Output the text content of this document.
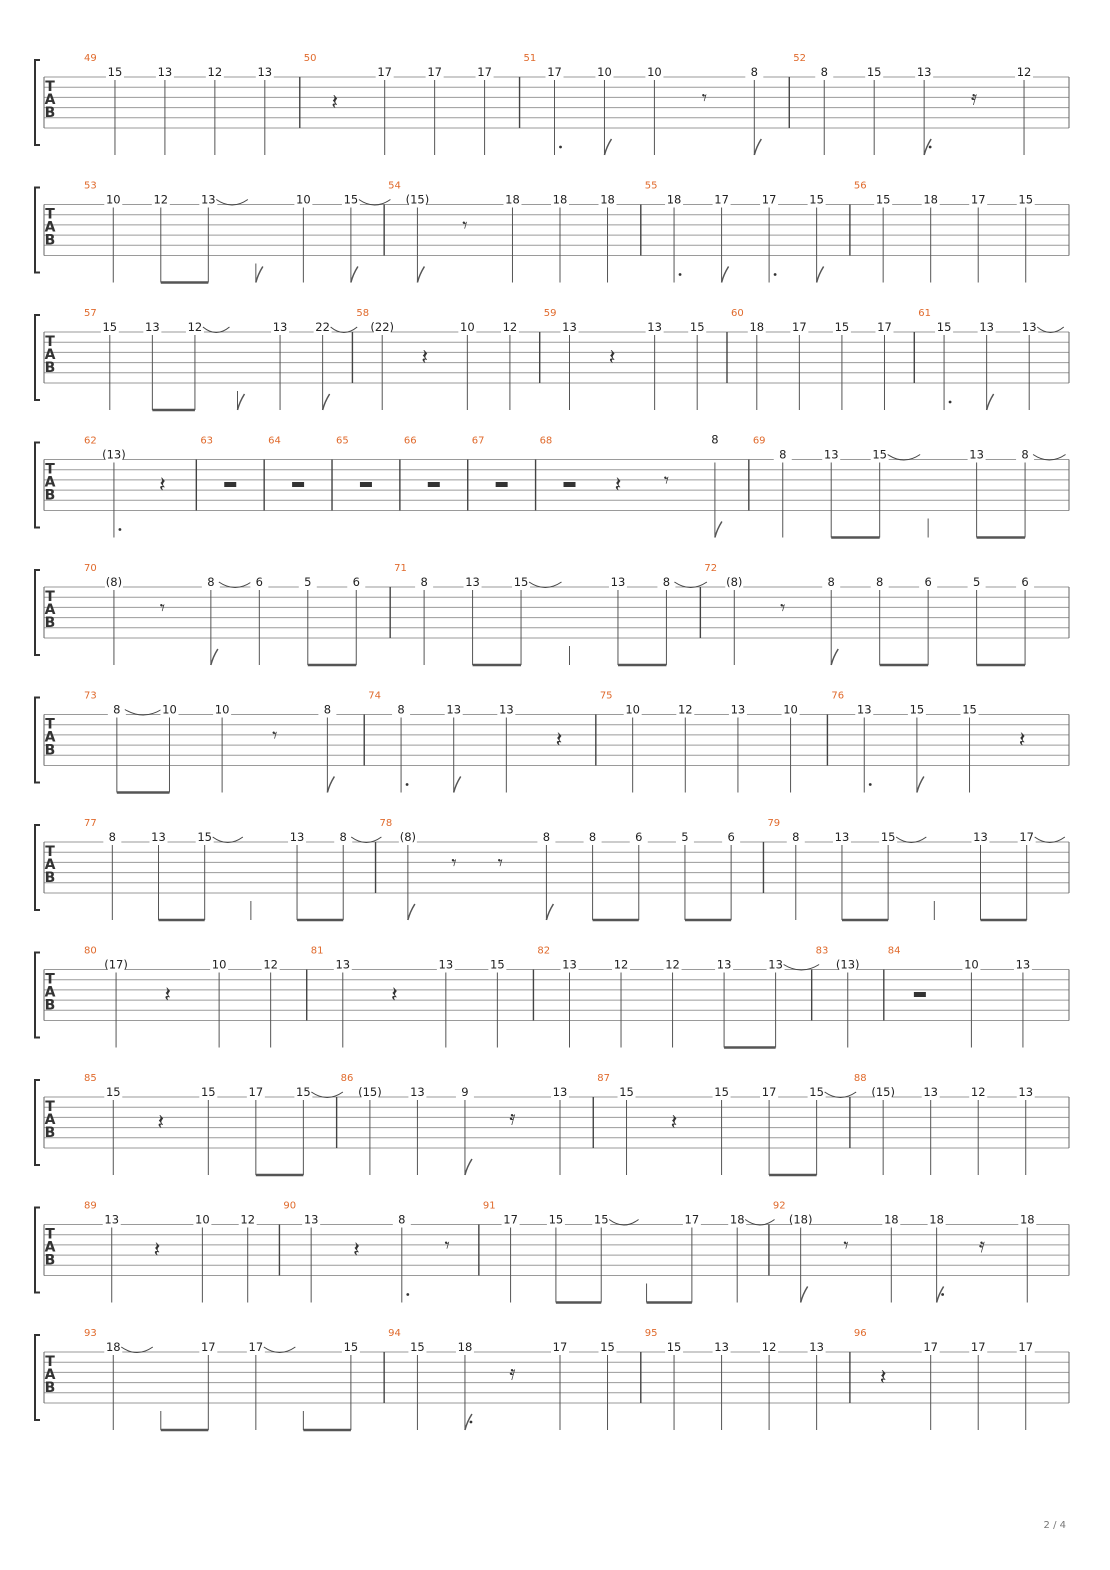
T
A
B
49
15	13	12	13
50
𝄽
17	17	17
51
17	10	10
𝄾
8
52
8	15	13
𝄿
12
T
A
B
53
10	12	13	10	15
54
(15)
𝄾
18	18	18
55
18	17	17	15
56
15	18	17	15
T
A
B
57
15 13 12	13 22
58
(22)
𝄽
10 12
59
13
𝄽
13 15
60
18 17 15 17
61
15 13 13
T
A
B
62
(13)
𝄽
63	64	65	66	67	68
𝄽 𝄾
8	69
8	13	15	13	8
T
A
B
70
(8)
𝄾
8	6	5	6
71
8	13	15	13	8
72
(8)
𝄾
8	8	6	5	6
T
A
B
73
8	10	10
𝄾
8
74
8	13	13
𝄽
75
10	12	13	10
76
13	15	15
𝄽
T
A
B
77
8	13	15	13	8
78
(8)
𝄾 𝄾
8	8	6	5	6
79
8	13	15	13	17
T
A
B
80
(17)
𝄽
10	12
81
13
𝄽
13	15
82
13	12	12	13	13
83
(13)
84
10	13
T
A
B
85
15
𝄽
15	17	15
86
(15) 13	9
𝄿
13
87
15
𝄽
15	17	15
88
(15) 13	12	13
T
A
B
89
13
𝄽
10	12
90
13
𝄽
8
𝄾
91
17	15	15	17	18
92
(18)
𝄾
18	18
𝄿
18
T
A
B
93
18	17	17	15
94
15	18
𝄿
17	15
95
15	13	12	13
96
𝄽
17	17	17
2 / 4
